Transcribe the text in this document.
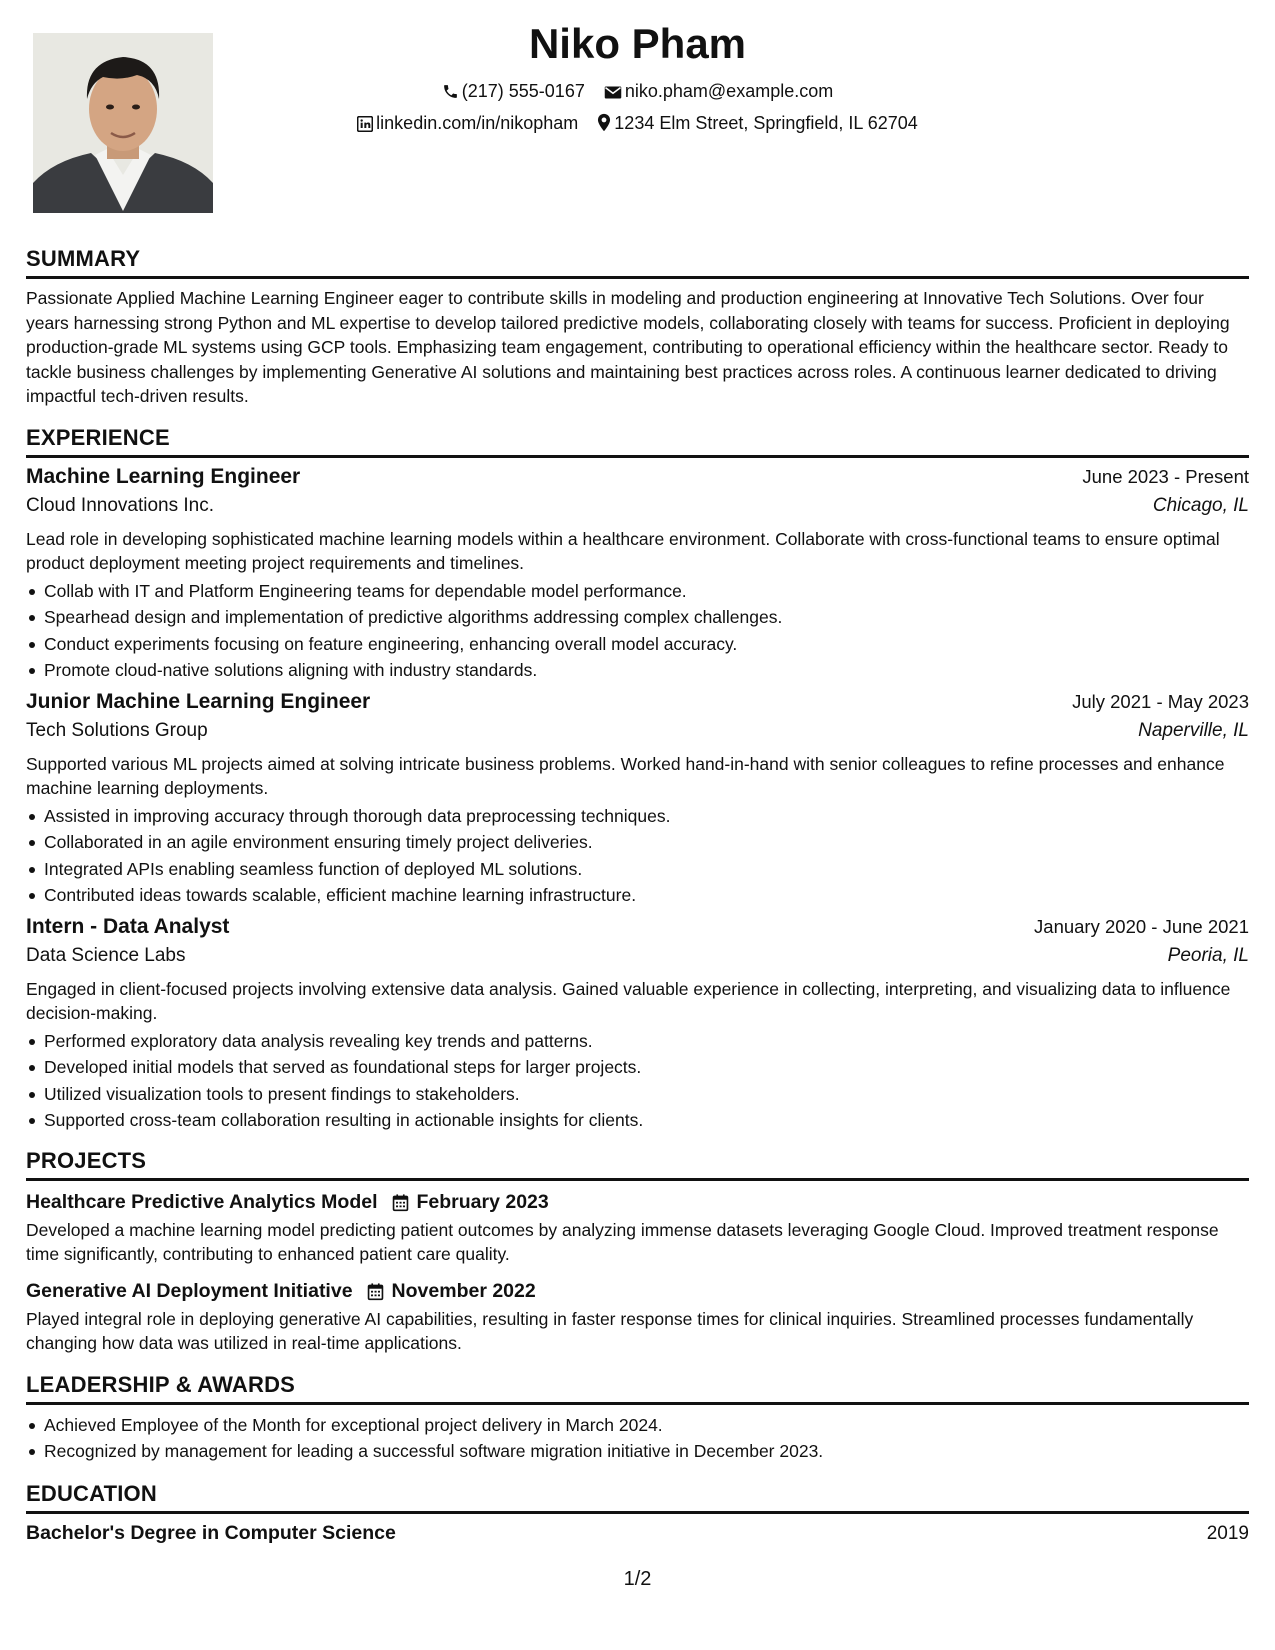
Niko Pham
(217) 555-0167 niko.pham@example.com
linkedin.com/in/nikopham 1234 Elm Street, Springfield, IL 62704
SUMMARY
Passionate Applied Machine Learning Engineer eager to contribute skills in modeling and production engineering at Innovative Tech Solutions. Over four years harnessing strong Python and ML expertise to develop tailored predictive models, collaborating closely with teams for success. Proficient in deploying production-grade ML systems using GCP tools. Emphasizing team engagement, contributing to operational efficiency within the healthcare sector. Ready to tackle business challenges by implementing Generative AI solutions and maintaining best practices across roles. A continuous learner dedicated to driving impactful tech-driven results.
EXPERIENCE
Machine Learning Engineer	June 2023 - Present
Cloud Innovations Inc.	Chicago, IL
Lead role in developing sophisticated machine learning models within a healthcare environment. Collaborate with cross-functional teams to ensure optimal product deployment meeting project requirements and timelines.
Collab with IT and Platform Engineering teams for dependable model performance.
Spearhead design and implementation of predictive algorithms addressing complex challenges.
Conduct experiments focusing on feature engineering, enhancing overall model accuracy.
Promote cloud-native solutions aligning with industry standards.
Junior Machine Learning Engineer	July 2021 - May 2023
Tech Solutions Group	Naperville, IL
Supported various ML projects aimed at solving intricate business problems. Worked hand-in-hand with senior colleagues to refine processes and enhance machine learning deployments.
Assisted in improving accuracy through thorough data preprocessing techniques.
Collaborated in an agile environment ensuring timely project deliveries.
Integrated APIs enabling seamless function of deployed ML solutions.
Contributed ideas towards scalable, efficient machine learning infrastructure.
Intern - Data Analyst	January 2020 - June 2021
Data Science Labs	Peoria, IL
Engaged in client-focused projects involving extensive data analysis. Gained valuable experience in collecting, interpreting, and visualizing data to influence decision-making.
Performed exploratory data analysis revealing key trends and patterns.
Developed initial models that served as foundational steps for larger projects.
Utilized visualization tools to present findings to stakeholders.
Supported cross-team collaboration resulting in actionable insights for clients.
PROJECTS
Healthcare Predictive Analytics Model February 2023
Developed a machine learning model predicting patient outcomes by analyzing immense datasets leveraging Google Cloud. Improved treatment response time significantly, contributing to enhanced patient care quality.
Generative AI Deployment Initiative November 2022
Played integral role in deploying generative AI capabilities, resulting in faster response times for clinical inquiries. Streamlined processes fundamentally changing how data was utilized in real-time applications.
LEADERSHIP & AWARDS
Achieved Employee of the Month for exceptional project delivery in March 2024.
Recognized by management for leading a successful software migration initiative in December 2023.
EDUCATION
Bachelor's Degree in Computer Science	2019
1/2
